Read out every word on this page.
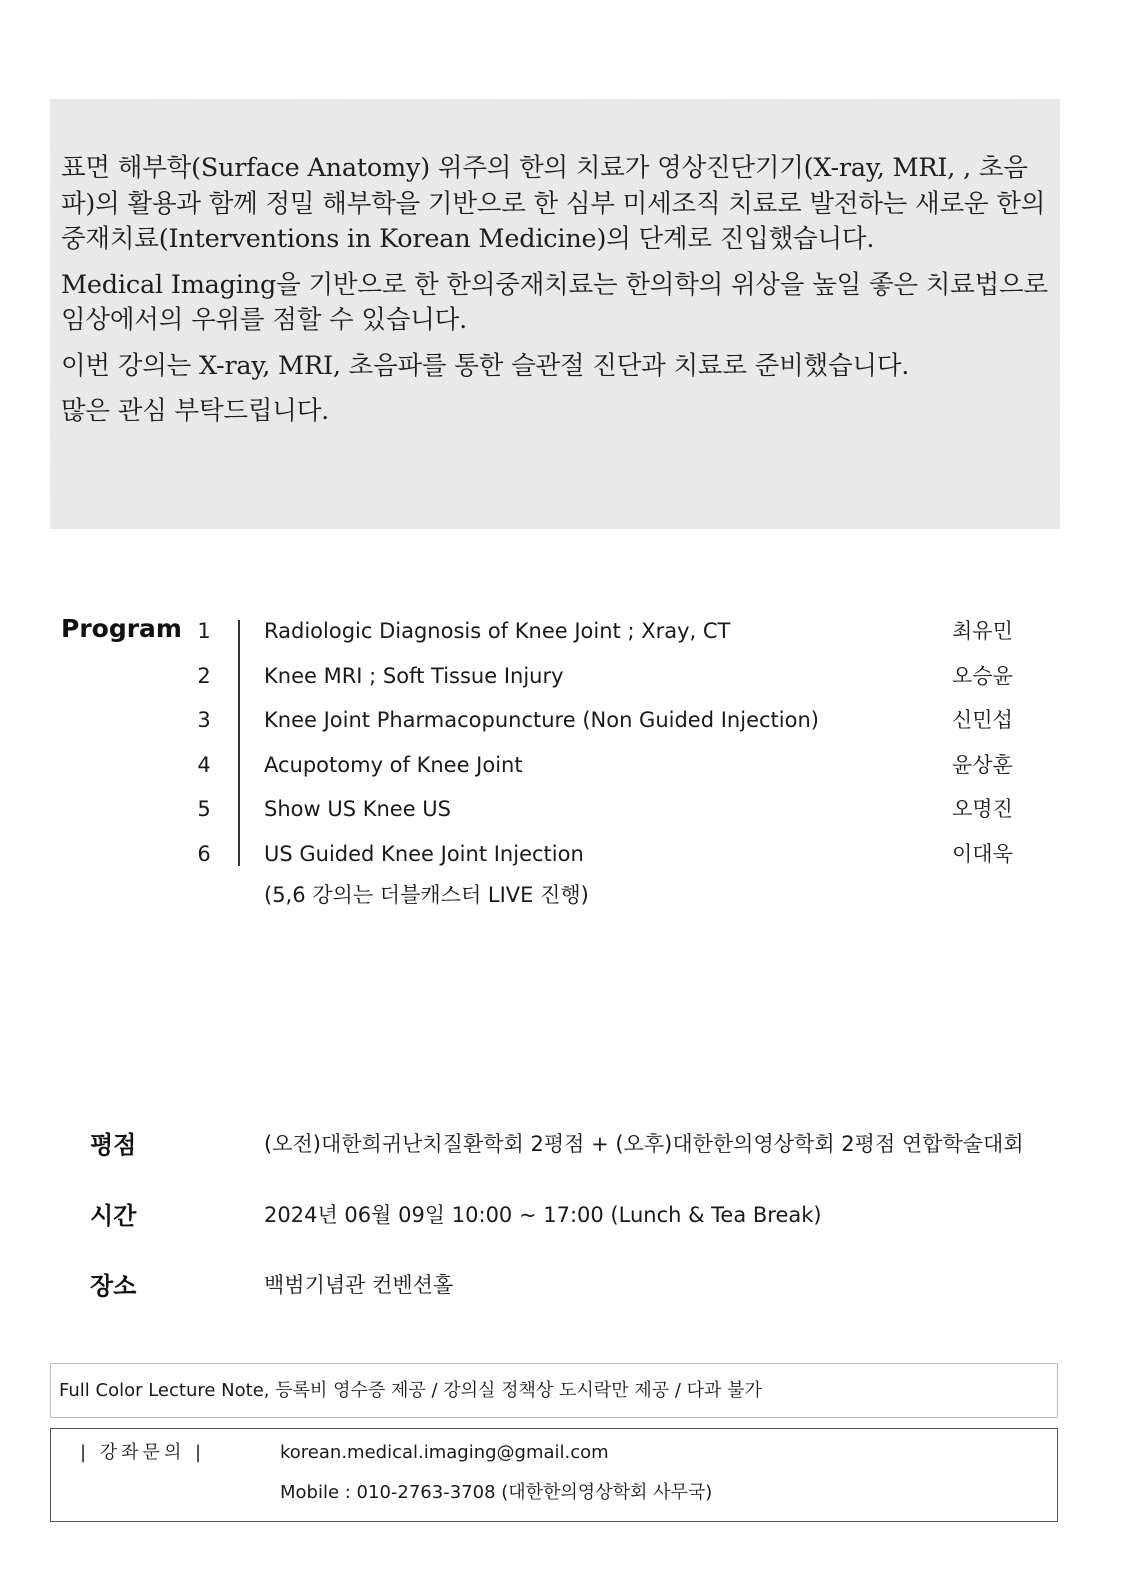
표면 해부학(Surface Anatomy) 위주의 한의 치료가 영상진단기기(X-ray, MRI, , 초음파)의 활용과 함께 정밀 해부학을 기반으로 한 심부 미세조직 치료로 발전하는 새로운 한의중재치료(Interventions in Korean Medicine)의 단계로 진입했습니다.

Medical Imaging을 기반으로 한 한의중재치료는 한의학의 위상을 높일 좋은 치료법으로 임상에서의 우위를 점할 수 있습니다.

이번 강의는 X-ray, MRI, 초음파를 통한 슬관절 진단과 치료로 준비했습니다.

많은 관심 부탁드립니다.

Program 1	Radiologic Diagnosis of Knee Joint ; Xray, CT	최유민
2	Knee MRI ; Soft Tissue Injury	오승윤
3	Knee Joint Pharmacopuncture (Non Guided Injection)	신민섭
4	Acupotomy of Knee Joint	윤상훈
5	Show US Knee US	오명진
6	US Guided Knee Joint Injection	이대욱
(5,6 강의는 더블캐스터 LIVE 진행)
평점	(오전)대한희귀난치질환학회 2평점 + (오후)대한한의영상학회 2평점 연합학술대회
시간	2024년 06월 09일 10:00 ~ 17:00 (Lunch & Tea Break)
장소	백범기념관 컨벤션홀
Full Color Lecture Note, 등록비 영수증 제공 / 강의실 정책상 도시락만 제공 / 다과 불가
| 강좌문의 |	korean.medical.imaging@gmail.com
Mobile : 010-2763-3708 (대한한의영상학회 사무국)
